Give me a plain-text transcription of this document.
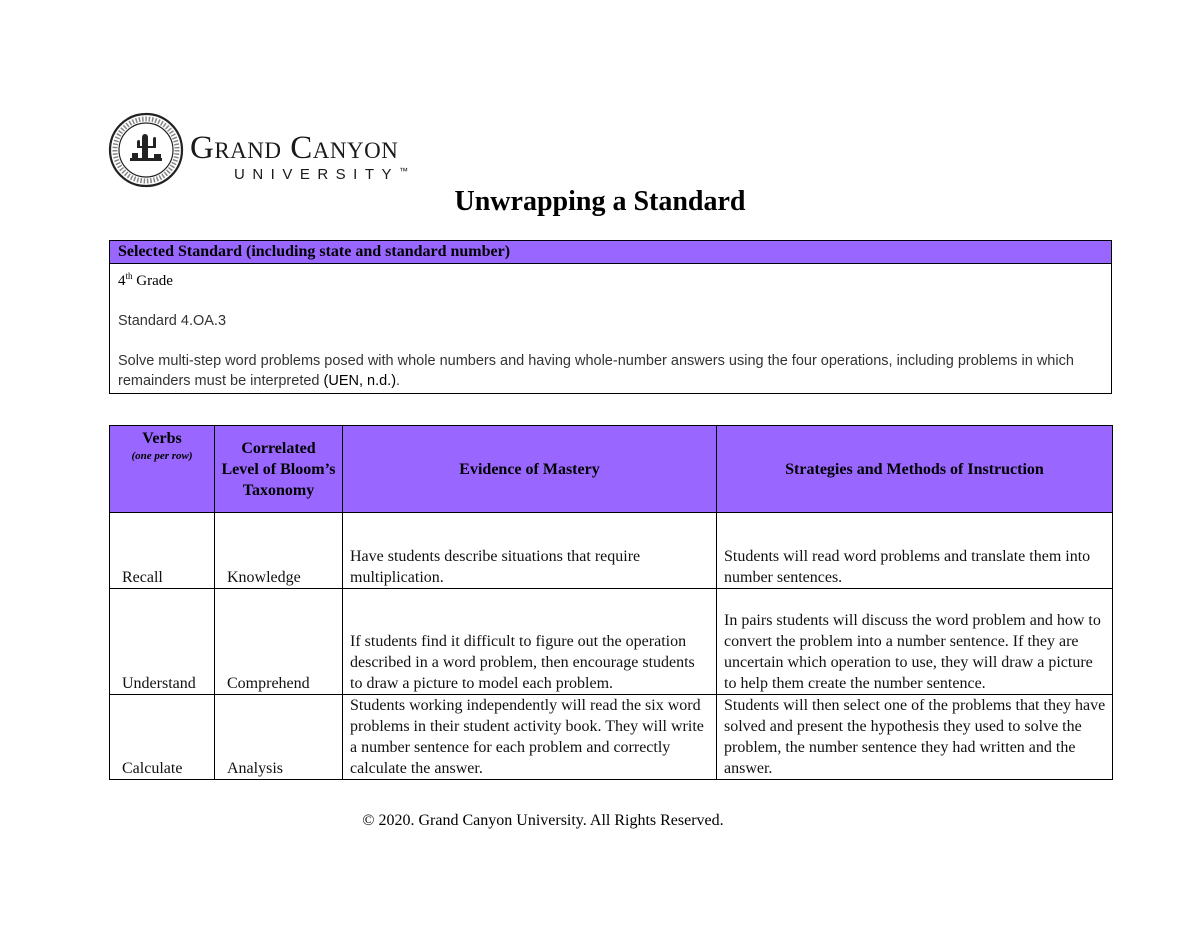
Grand Canyon
UNIVERSITY™
Unwrapping a Standard
Selected Standard (including state and standard number)

4th Grade

Standard 4.OA.3

Solve multi-step word problems posed with whole numbers and having whole-number answers using the four operations, including problems in which remainders must be interpreted (UEN, n.d.).

Verbs
(one per row)	Correlated Level of Bloom’s Taxonomy	Evidence of Mastery	Strategies and Methods of Instruction
Recall	Knowledge	Have students describe situations that require multiplication.	Students will read word problems and translate them into number sentences.
Understand	Comprehend	If students find it difficult to figure out the operation described in a word problem, then encourage students to draw a picture to model each problem.	In pairs students will discuss the word problem and how to convert the problem into a number sentence. If they are uncertain which operation to use, they will draw a picture to help them create the number sentence.
Calculate	Analysis	Students working independently will read the six word problems in their student activity book. They will write a number sentence for each problem and correctly calculate the answer.	Students will then select one of the problems that they have solved and present the hypothesis they used to solve the problem, the number sentence they had written and the answer.
© 2020. Grand Canyon University. All Rights Reserved.
